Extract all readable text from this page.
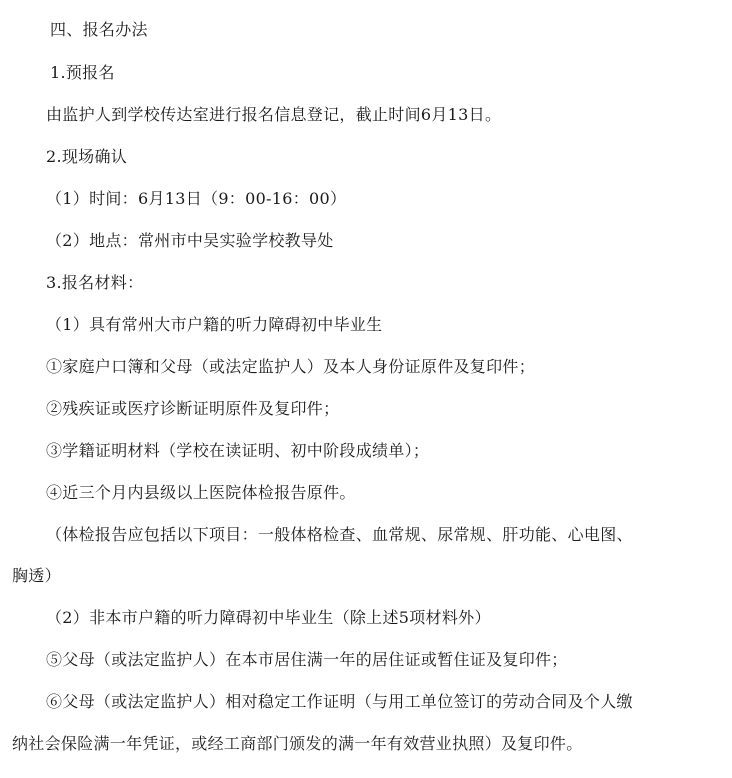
四、报名办法
1.预报名
由监护人到学校传达室进行报名信息登记，截止时间6月13日。
2.现场确认
（1）时间：6月13日（9：00-16：00）
（2）地点：常州市中吴实验学校教导处
3.报名材料：
（1）具有常州大市户籍的听力障碍初中毕业生
①家庭户口簿和父母（或法定监护人）及本人身份证原件及复印件；
②残疾证或医疗诊断证明原件及复印件；
③学籍证明材料（学校在读证明、初中阶段成绩单）；
④近三个月内县级以上医院体检报告原件。
（体检报告应包括以下项目：一般体格检查、血常规、尿常规、肝功能、心电图、
胸透）
（2）非本市户籍的听力障碍初中毕业生（除上述5项材料外）
⑤父母（或法定监护人）在本市居住满一年的居住证或暂住证及复印件；
⑥父母（或法定监护人）相对稳定工作证明（与用工单位签订的劳动合同及个人缴
纳社会保险满一年凭证，或经工商部门颁发的满一年有效营业执照）及复印件。
